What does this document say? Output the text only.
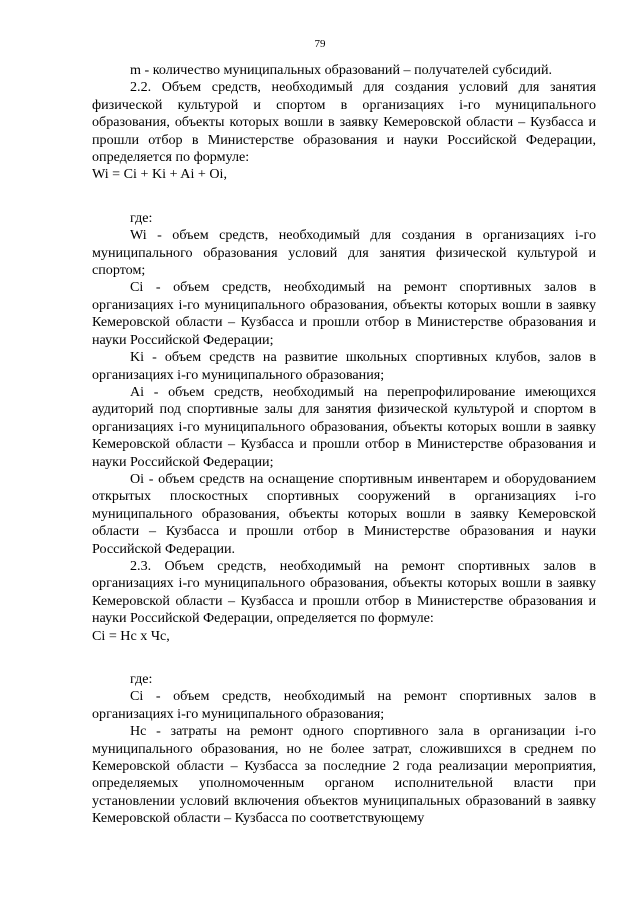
79

m - количество муниципальных образований – получателей субсидий.

2.2. Объем средств, необходимый для создания условий для занятия физической культурой и спортом в организациях i-го муниципального образования, объекты которых вошли в заявку Кемеровской области – Кузбасса и прошли отбор в Министерстве образования и науки Российской Федерации, определяется по формуле:

Wi = Ci + Ki + Ai + Oi,

где:

Wi - объем средств, необходимый для создания в организациях i-го муниципального образования условий для занятия физической культурой и спортом;

Ci - объем средств, необходимый на ремонт спортивных залов в организациях i-го муниципального образования, объекты которых вошли в заявку Кемеровской области – Кузбасса и прошли отбор в Министерстве образования и науки Российской Федерации;

Ki - объем средств на развитие школьных спортивных клубов, залов в организациях i-го муниципального образования;

Ai - объем средств, необходимый на перепрофилирование имеющихся аудиторий под спортивные залы для занятия физической культурой и спортом в организациях i-го муниципального образования, объекты которых вошли в заявку Кемеровской области – Кузбасса и прошли отбор в Министерстве образования и науки Российской Федерации;

Oi - объем средств на оснащение спортивным инвентарем и оборудованием открытых плоскостных спортивных сооружений в организациях i-го муниципального образования, объекты которых вошли в заявку Кемеровской области – Кузбасса и прошли отбор в Министерстве образования и науки Российской Федерации.

2.3. Объем средств, необходимый на ремонт спортивных залов в организациях i-го муниципального образования, объекты которых вошли в заявку Кемеровской области – Кузбасса и прошли отбор в Министерстве образования и науки Российской Федерации, определяется по формуле:

Ci = Нс х Чс,

где:

Ci - объем средств, необходимый на ремонт спортивных залов в организациях i-го муниципального образования;

Нс - затраты на ремонт одного спортивного зала в организации i-го муниципального образования, но не более затрат, сложившихся в среднем по Кемеровской области – Кузбасса за последние 2 года реализации мероприятия, определяемых уполномоченным органом исполнительной власти при установлении условий включения объектов муниципальных образований в заявку Кемеровской области – Кузбасса по соответствующему
